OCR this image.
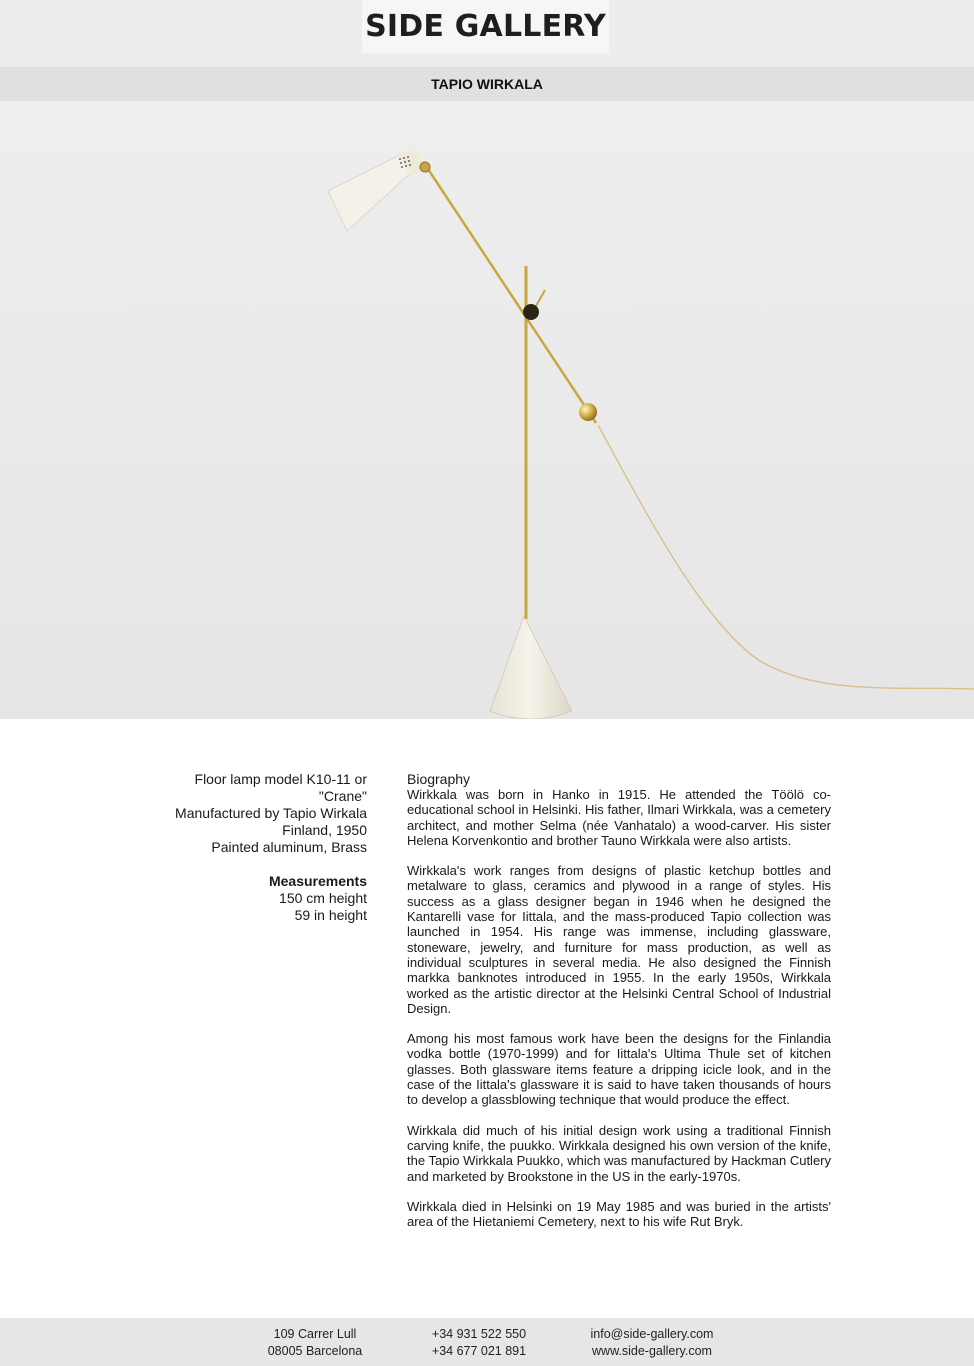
SIDE GALLERY
TAPIO WIRKALA
Floor lamp model K10-11 or
"Crane"
Manufactured by Tapio Wirkala
Finland, 1950
Painted aluminum, Brass
Measurements
150 cm height
59 in height
Biography

Wirkkala was born in Hanko in 1915. He attended the Töölö co-educational school in Helsinki. His father, Ilmari Wirkkala, was a cemetery architect, and mother Selma (née Vanhatalo) a wood-carver. His sister Helena Korvenkontio and brother Tauno Wirkkala were also artists.

Wirkkala's work ranges from designs of plastic ketchup bottles and metalware to glass, ceramics and plywood in a range of styles. His success as a glass designer began in 1946 when he designed the Kantarelli vase for Iittala, and the mass-produced Tapio collection was launched in 1954. His range was immense, including glassware, stoneware, jewelry, and furniture for mass production, as well as individual sculptures in several media. He also designed the Finnish markka banknotes introduced in 1955. In the early 1950s, Wirkkala worked as the artistic director at the Helsinki Central School of Industrial Design.

Among his most famous work have been the designs for the Finlandia vodka bottle (1970-1999) and for Iittala's Ultima Thule set of kitchen glasses. Both glassware items feature a dripping icicle look, and in the case of the Iittala's glassware it is said to have taken thousands of hours to develop a glassblowing technique that would produce the effect.

Wirkkala did much of his initial design work using a traditional Finnish carving knife, the puukko. Wirkkala designed his own version of the knife, the Tapio Wirkkala Puukko, which was manufactured by Hackman Cutlery and marketed by Brookstone in the US in the early-1970s.

Wirkkala died in Helsinki on 19 May 1985 and was buried in the artists' area of the Hietaniemi Cemetery, next to his wife Rut Bryk.

109 Carrer Lull
08005 Barcelona
+34 931 522 550
+34 677 021 891
info@side-gallery.com
www.side-gallery.com
